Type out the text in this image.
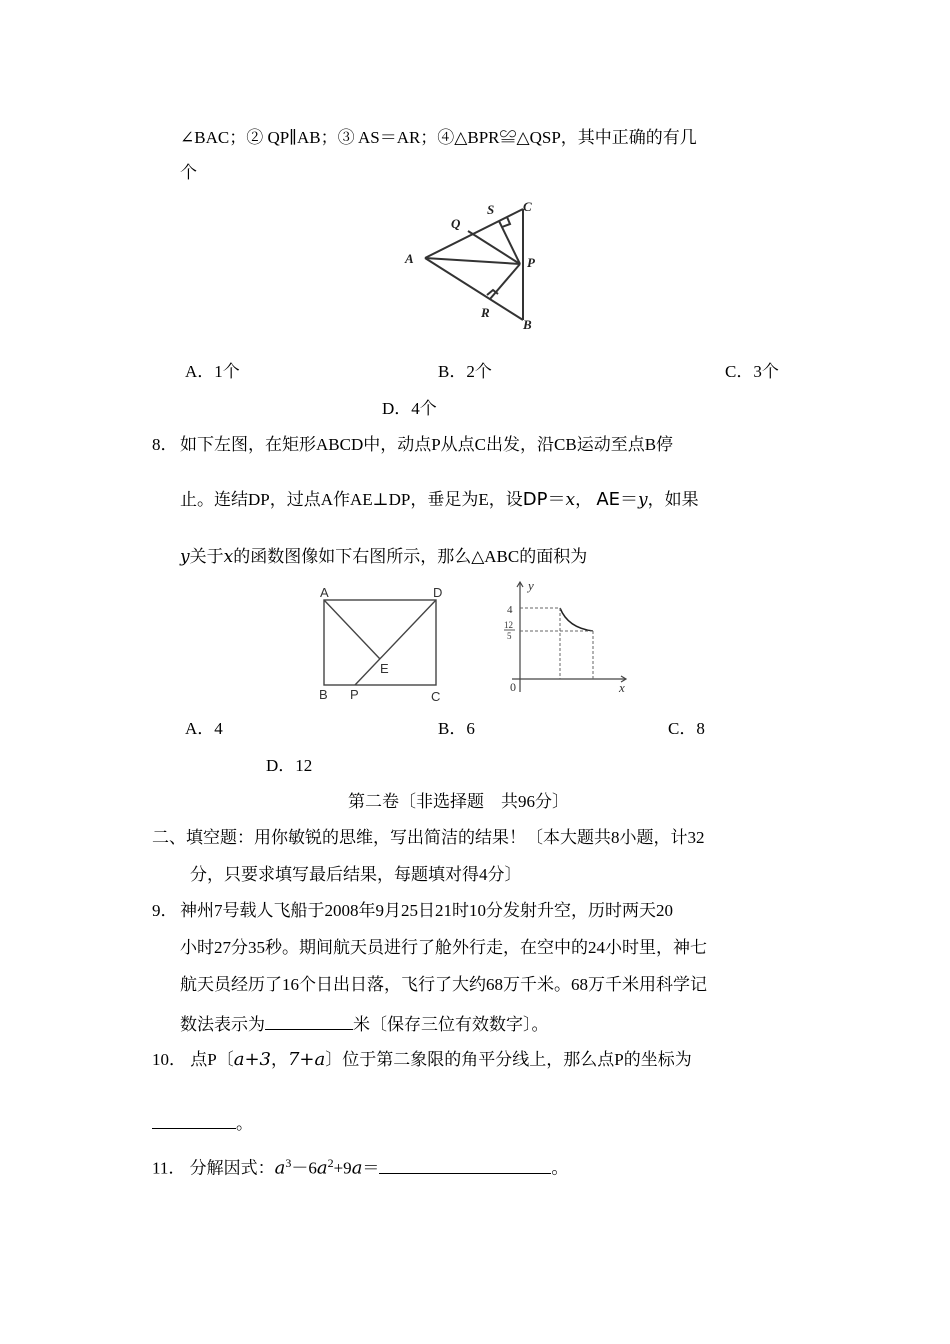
∠BAC；② QP∥AB；③ AS＝AR；④△BPR≌△QSP，其中正确的有几
个
A
Q
S C
P
R
B
A．1个	B．2个	C．3个
D．4个
8． 如下左图，在矩形ABCD中，动点P从点C出发，沿CB运动至点B停
止。连结DP，过点A作AE⊥DP，垂足为E，设DP＝x， AE＝y，如果
y关于x的函数图像如下右图所示，那么△ABC的面积为
A	D
E
B P	C
y
x
0
4
12
5
A．4	B．6	C．8
D．12
第二卷〔非选择题　共96分〕
二、填空题：用你敏锐的思维，写出简洁的结果！〔本大题共8小题，计32
分，只要求填写最后结果，每题填对得4分〕
9． 神州7号载人飞船于2008年9月25日21时10分发射升空，历时两天20
小时27分35秒。期间航天员进行了舱外行走，在空中的24小时里，神七
航天员经历了16个日出日落，飞行了大约68万千米。68万千米用科学记
数法表示为	米〔保存三位有效数字〕。
10． 点P〔a+3，7+a〕位于第二象限的角平分线上，那么点P的坐标为
。
11． 分解因式：$a^3-6a^2+9a=$	。
